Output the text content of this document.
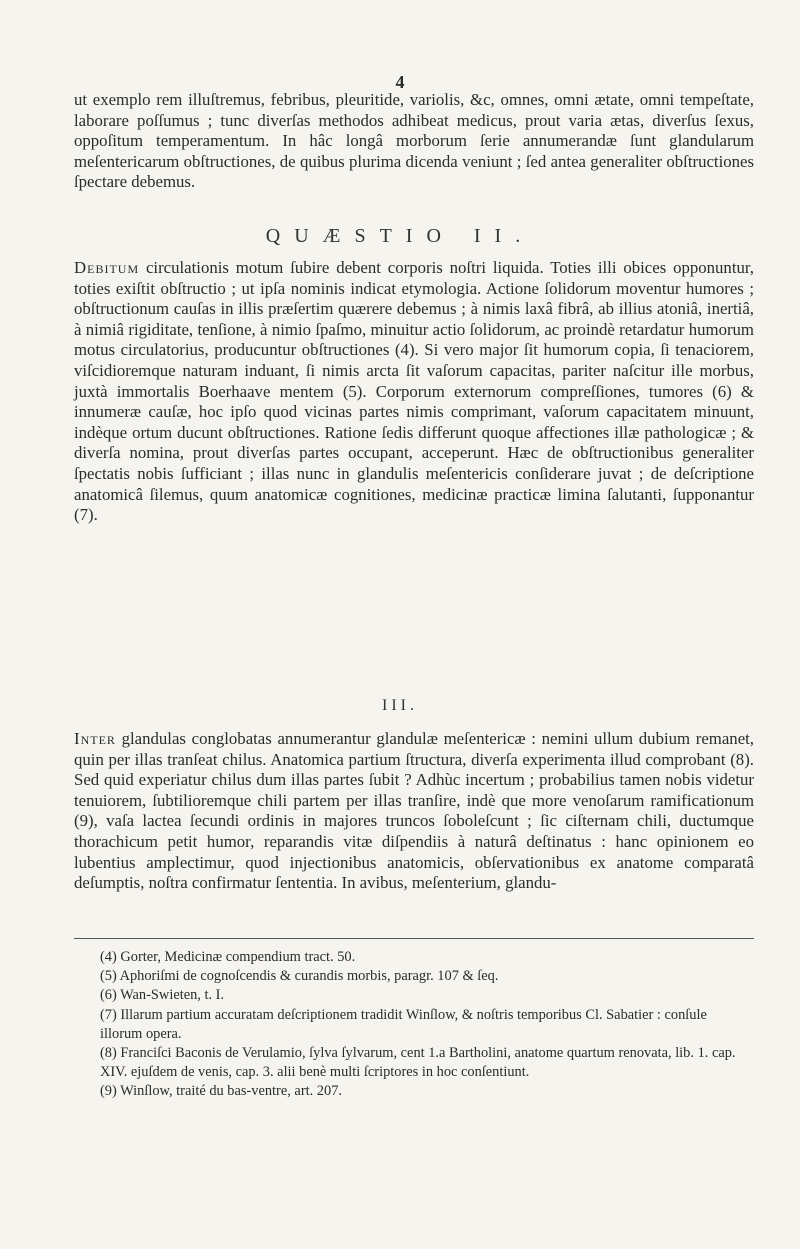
4

ut exemplo rem illuſtremus, febribus, pleuritide, variolis, &c, omnes, omni ætate, omni tempeſtate, laborare poſſumus ; tunc diverſas methodos adhibeat medicus, prout varia ætas, diverſus ſexus, oppoſitum temperamentum. In hâc longâ morborum ſerie annumerandæ ſunt glandularum meſentericarum obſtructiones, de quibus plurima dicenda veniunt ; ſed antea generaliter obſtructiones ſpectare debemus.

QUÆSTIO II.

Debitum circulationis motum ſubire debent corporis noſtri liquida. Toties illi obices opponuntur, toties exiſtit obſtructio ; ut ipſa nominis indicat etymologia. Actione ſolidorum moventur humores ; obſtructionum cauſas in illis præſertim quærere debemus ; à nimis laxâ fibrâ, ab illius atoniâ, inertiâ, à nimiâ rigiditate, tenſione, à nimio ſpaſmo, minuitur actio ſolidorum, ac proindè retardatur humorum motus circulatorius, producuntur obſtructiones (4). Si vero major ſit humorum copia, ſi tenaciorem, viſcidioremque naturam induant, ſi nimis arcta ſit vaſorum capacitas, pariter naſcitur ille morbus, juxtà immortalis Boerhaave mentem (5). Corporum externorum compreſſiones, tumores (6) & innumeræ cauſæ, hoc ipſo quod vicinas partes nimis comprimant, vaſorum capacitatem minuunt, indèque ortum ducunt obſtructiones. Ratione ſedis differunt quoque affectiones illæ pathologicæ ; & diverſa nomina, prout diverſas partes occupant, acceperunt. Hæc de obſtructionibus generaliter ſpectatis nobis ſufficiant ; illas nunc in glandulis meſentericis conſiderare juvat ; de deſcriptione anatomicâ ſilemus, quum anatomicæ cognitiones, medicinæ practicæ limina ſalutanti, ſupponantur (7).

III.

Inter glandulas conglobatas annumerantur glandulæ meſentericæ : nemini ullum dubium remanet, quin per illas tranſeat chilus. Anatomica partium ſtructura, diverſa experimenta illud comprobant (8). Sed quid experiatur chilus dum illas partes ſubit ? Adhùc incertum ; probabilius tamen nobis videtur tenuiorem, ſubtilioremque chili partem per illas tranſire, indè que more venoſarum ramificationum (9), vaſa lactea ſecundi ordinis in majores truncos ſoboleſcunt ; ſic ciſternam chili, ductumque thorachicum petit humor, reparandis vitæ diſpendiis à naturâ deſtinatus : hanc opinionem eo lubentius amplectimur, quod injectionibus anatomicis, obſervationibus ex anatome comparatâ deſumptis, noſtra confirmatur ſententia. In avibus, meſenterium, glandu-

(4) Gorter, Medicinæ compendium tract. 50.

(5) Aphoriſmi de cognoſcendis & curandis morbis, paragr. 107 & ſeq.

(6) Wan-Swieten, t. I.

(7) Illarum partium accuratam deſcriptionem tradidit Winſlow, & noſtris temporibus Cl. Sabatier : conſule illorum opera.

(8) Franciſci Baconis de Verulamio, ſylva ſylvarum, cent 1.a Bartholini, anatome quartum renovata, lib. 1. cap. XIV. ejuſdem de venis, cap. 3. alii benè multi ſcriptores in hoc conſentiunt.

(9) Winſlow, traité du bas-ventre, art. 207.
